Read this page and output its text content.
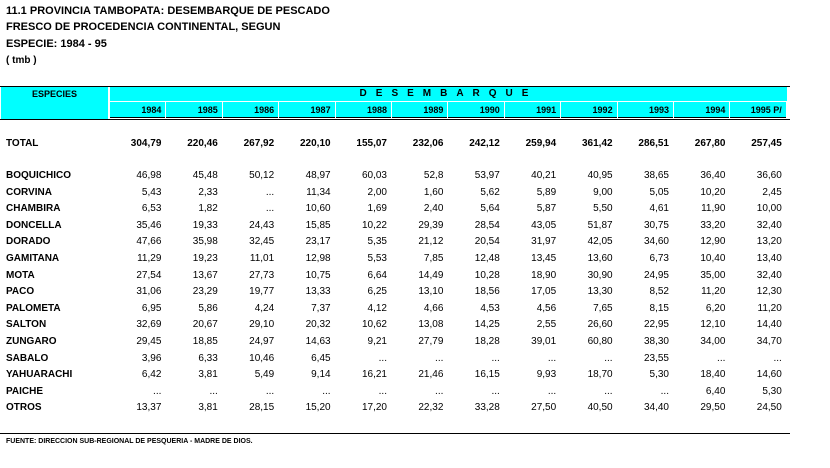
11.1 PROVINCIA TAMBOPATA: DESEMBARQUE DE PESCADO
FRESCO DE PROCEDENCIA CONTINENTAL, SEGUN
ESPECIE: 1984 - 95
( tmb )
ESPECIES	DESEMBARQUE
1984	1985	1986	1987	1988	1989	1990	1991	1992	1993	1994	1995 P/
TOTAL	304,79	220,46	267,92	220,10	155,07	232,06	242,12	259,94	361,42	286,51	267,80	257,45
BOQUICHICO	46,98	45,48	50,12	48,97	60,03	52,8	53,97	40,21	40,95	38,65	36,40	36,60
CORVINA	5,43	2,33	...	11,34	2,00	1,60	5,62	5,89	9,00	5,05	10,20	2,45
CHAMBIRA	6,53	1,82	...	10,60	1,69	2,40	5,64	5,87	5,50	4,61	11,90	10,00
DONCELLA	35,46	19,33	24,43	15,85	10,22	29,39	28,54	43,05	51,87	30,75	33,20	32,40
DORADO	47,66	35,98	32,45	23,17	5,35	21,12	20,54	31,97	42,05	34,60	12,90	13,20
GAMITANA	11,29	19,23	11,01	12,98	5,53	7,85	12,48	13,45	13,60	6,73	10,40	13,40
MOTA	27,54	13,67	27,73	10,75	6,64	14,49	10,28	18,90	30,90	24,95	35,00	32,40
PACO	31,06	23,29	19,77	13,33	6,25	13,10	18,56	17,05	13,30	8,52	11,20	12,30
PALOMETA	6,95	5,86	4,24	7,37	4,12	4,66	4,53	4,56	7,65	8,15	6,20	11,20
SALTON	32,69	20,67	29,10	20,32	10,62	13,08	14,25	2,55	26,60	22,95	12,10	14,40
ZUNGARO	29,45	18,85	24,97	14,63	9,21	27,79	18,28	39,01	60,80	38,30	34,00	34,70
SABALO	3,96	6,33	10,46	6,45	...	...	...	...	...	23,55	...	...
YAHUARACHI	6,42	3,81	5,49	9,14	16,21	21,46	16,15	9,93	18,70	5,30	18,40	14,60
PAICHE	...	...	...	...	...	...	...	...	...	...	6,40	5,30
OTROS	13,37	3,81	28,15	15,20	17,20	22,32	33,28	27,50	40,50	34,40	29,50	24,50
FUENTE: DIRECCION SUB-REGIONAL DE PESQUERIA - MADRE DE DIOS.
